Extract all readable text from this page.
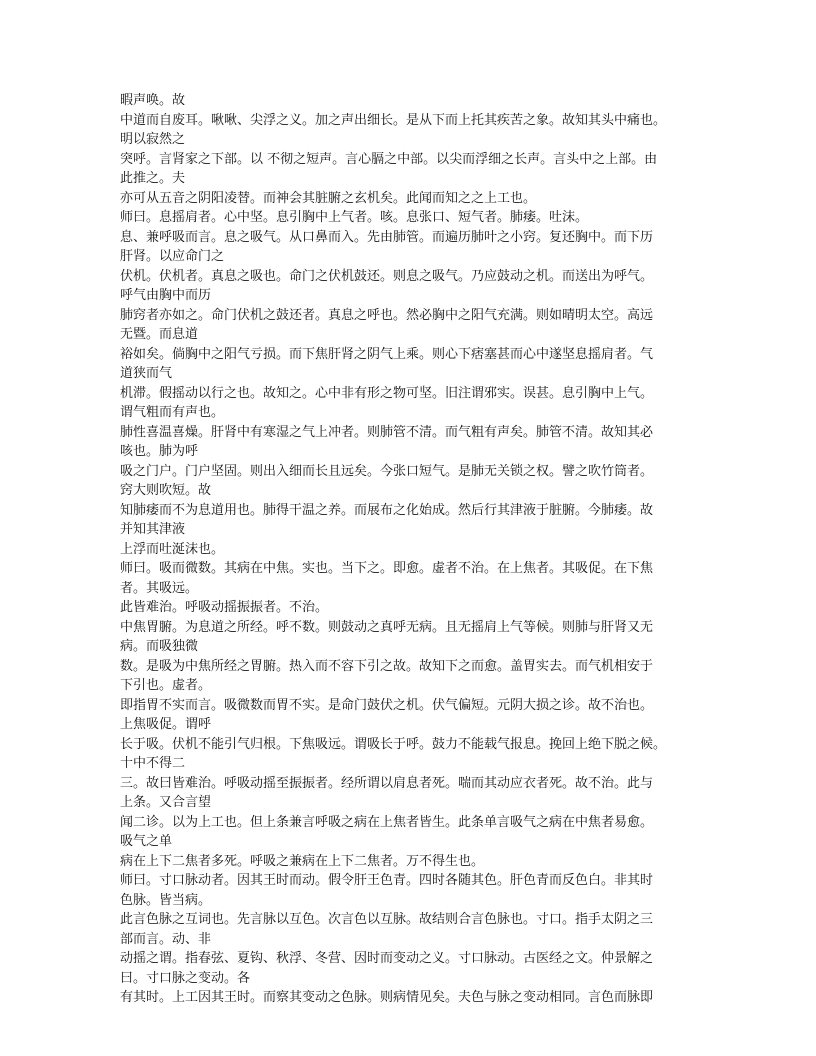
暇声唤。故
中道而自废耳。啾啾、尖浮之义。加之声出细长。是从下而上托其疾苦之象。故知其头中痛也。
明以寂然之
突呼。言肾家之下部。以 不彻之短声。言心膈之中部。以尖而浮细之长声。言头中之上部。由
此推之。夫
亦可从五音之阴阳凌替。而神会其脏腑之玄机矣。此闻而知之之上工也。
师曰。息摇肩者。心中坚。息引胸中上气者。咳。息张口、短气者。肺痿。吐沫。
息、兼呼吸而言。息之吸气。从口鼻而入。先由肺管。而遍历肺叶之小窍。复还胸中。而下历
肝肾。以应命门之
伏机。伏机者。真息之吸也。命门之伏机鼓还。则息之吸气。乃应鼓动之机。而送出为呼气。
呼气由胸中而历
肺窍者亦如之。命门伏机之鼓还者。真息之呼也。然必胸中之阳气充满。则如晴明太空。高远
无暨。而息道
裕如矣。倘胸中之阳气亏损。而下焦肝肾之阴气上乘。则心下痞塞甚而心中遂坚息摇肩者。气
道狭而气
机滞。假摇动以行之也。故知之。心中非有形之物可坚。旧注谓邪实。误甚。息引胸中上气。
谓气粗而有声也。
肺性喜温喜燥。肝肾中有寒湿之气上冲者。则肺管不清。而气粗有声矣。肺管不清。故知其必
咳也。肺为呼
吸之门户。门户坚固。则出入细而长且远矣。今张口短气。是肺无关锁之权。譬之吹竹筒者。
窍大则吹短。故
知肺痿而不为息道用也。肺得干温之养。而展布之化始成。然后行其津液于脏腑。今肺痿。故
并知其津液
上浮而吐涎沫也。
师曰。吸而微数。其病在中焦。实也。当下之。即愈。虚者不治。在上焦者。其吸促。在下焦
者。其吸远。
此皆难治。呼吸动摇振振者。不治。
中焦胃腑。为息道之所经。呼不数。则鼓动之真呼无病。且无摇肩上气等候。则肺与肝肾又无
病。而吸独微
数。是吸为中焦所经之胃腑。热入而不容下引之故。故知下之而愈。盖胃实去。而气机相安于
下引也。虚者。
即指胃不实而言。吸微数而胃不实。是命门鼓伏之机。伏气偏短。元阴大损之诊。故不治也。
上焦吸促。谓呼
长于吸。伏机不能引气归根。下焦吸远。谓吸长于呼。鼓力不能载气报息。挽回上绝下脱之候。
十中不得二
三。故曰皆难治。呼吸动摇至振振者。经所谓以肩息者死。喘而其动应衣者死。故不治。此与
上条。又合言望
闻二诊。以为上工也。但上条兼言呼吸之病在上焦者皆生。此条单言吸气之病在中焦者易愈。
吸气之单
病在上下二焦者多死。呼吸之兼病在上下二焦者。万不得生也。
师曰。寸口脉动者。因其王时而动。假令肝王色青。四时各随其色。肝色青而反色白。非其时
色脉。皆当病。
此言色脉之互词也。先言脉以互色。次言色以互脉。故结则合言色脉也。寸口。指手太阴之三
部而言。动、非
动摇之谓。指春弦、夏钩、秋浮、冬营、因时而变动之义。寸口脉动。古医经之文。仲景解之
曰。寸口脉之变动。各
有其时。上工因其王时。而察其变动之色脉。则病情见矣。夫色与脉之变动相同。言色而脉即
